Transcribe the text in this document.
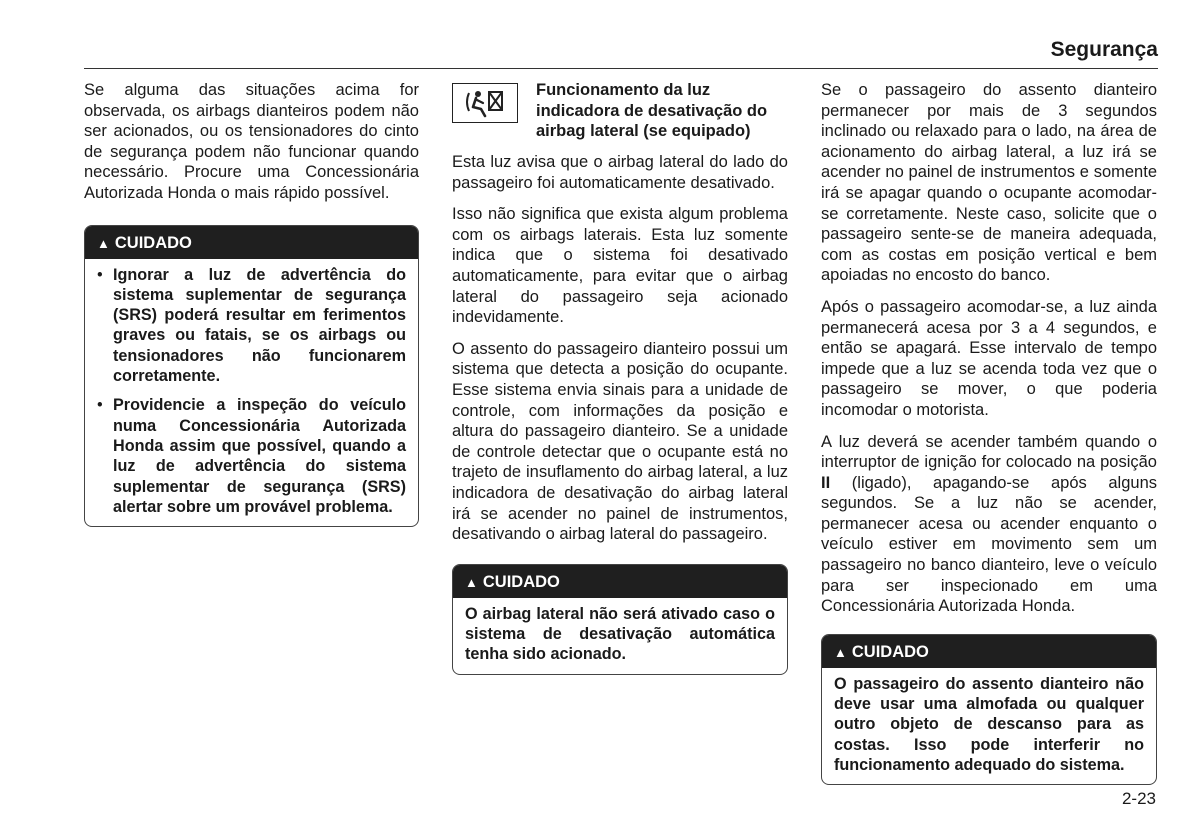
Segurança

Se alguma das situações acima for observada, os airbags dianteiros podem não ser acionados, ou os tensionadores do cinto de segurança podem não funcionar quando necessário. Procure uma Concessionária Autorizada Honda o mais rápido possível.

▲ CUIDADO
• Ignorar a luz de advertência do sistema suplementar de segurança (SRS) poderá resultar em ferimentos graves ou fatais, se os airbags ou tensionadores não funcionarem corretamente.
• Providencie a inspeção do veículo numa Concessionária Autorizada Honda assim que possível, quando a luz de advertência do sistema suplementar de segurança (SRS) alertar sobre um provável problema.
Funcionamento da luz indicadora de desativação do airbag lateral (se equipado)

Esta luz avisa que o airbag lateral do lado do passageiro foi automaticamente desativado.

Isso não significa que exista algum problema com os airbags laterais. Esta luz somente indica que o sistema foi desativado automaticamente, para evitar que o airbag lateral do passageiro seja acionado indevidamente.

O assento do passageiro dianteiro possui um sistema que detecta a posição do ocupante. Esse sistema envia sinais para a unidade de controle, com informações da posição e altura do passageiro dianteiro. Se a unidade de controle detectar que o ocupante está no trajeto de insuflamento do airbag lateral, a luz indicadora de desativação do airbag lateral irá se acender no painel de instrumentos, desativando o airbag lateral do passageiro.

▲ CUIDADO
O airbag lateral não será ativado caso o sistema de desativação automática tenha sido acionado.

Se o passageiro do assento dianteiro permanecer por mais de 3 segundos inclinado ou relaxado para o lado, na área de acionamento do airbag lateral, a luz irá se acender no painel de instrumentos e somente irá se apagar quando o ocupante acomodar-se corretamente. Neste caso, solicite que o passageiro sente-se de maneira adequada, com as costas em posição vertical e bem apoiadas no encosto do banco.

Após o passageiro acomodar-se, a luz ainda permanecerá acesa por 3 a 4 segundos, e então se apagará. Esse intervalo de tempo impede que a luz se acenda toda vez que o passageiro se mover, o que poderia incomodar o motorista.

A luz deverá se acender também quando o interruptor de ignição for colocado na posição II (ligado), apagando-se após alguns segundos. Se a luz não se acender, permanecer acesa ou acender enquanto o veículo estiver em movimento sem um passageiro no banco dianteiro, leve o veículo para ser inspecionado em uma Concessionária Autorizada Honda.

▲ CUIDADO
O passageiro do assento dianteiro não deve usar uma almofada ou qualquer outro objeto de descanso para as costas. Isso pode interferir no funcionamento adequado do sistema.
2-23
